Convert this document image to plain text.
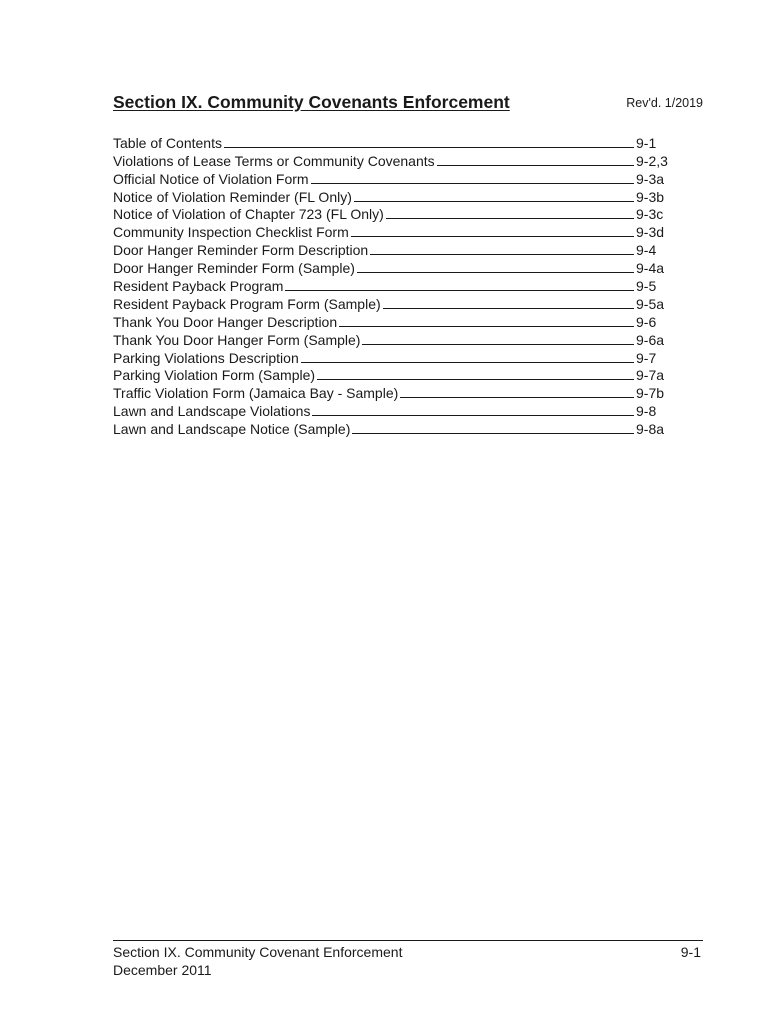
Section IX. Community Covenants Enforcement	Rev'd. 1/2019
Table of Contents	9-1
Violations of Lease Terms or Community Covenants	9-2,3
Official Notice of Violation Form	9-3a
Notice of Violation Reminder (FL Only)	9-3b
Notice of Violation of Chapter 723 (FL Only)	9-3c
Community Inspection Checklist Form	9-3d
Door Hanger Reminder Form Description	9-4
Door Hanger Reminder Form (Sample)	9-4a
Resident Payback Program	9-5
Resident Payback Program Form (Sample)	9-5a
Thank You Door Hanger Description	9-6
Thank You Door Hanger Form (Sample)	9-6a
Parking Violations Description	9-7
Parking Violation Form (Sample)	9-7a
Traffic Violation Form (Jamaica Bay - Sample)	9-7b
Lawn and Landscape Violations	9-8
Lawn and Landscape Notice (Sample)	9-8a
Section IX. Community Covenant Enforcement
December 2011
9-1
